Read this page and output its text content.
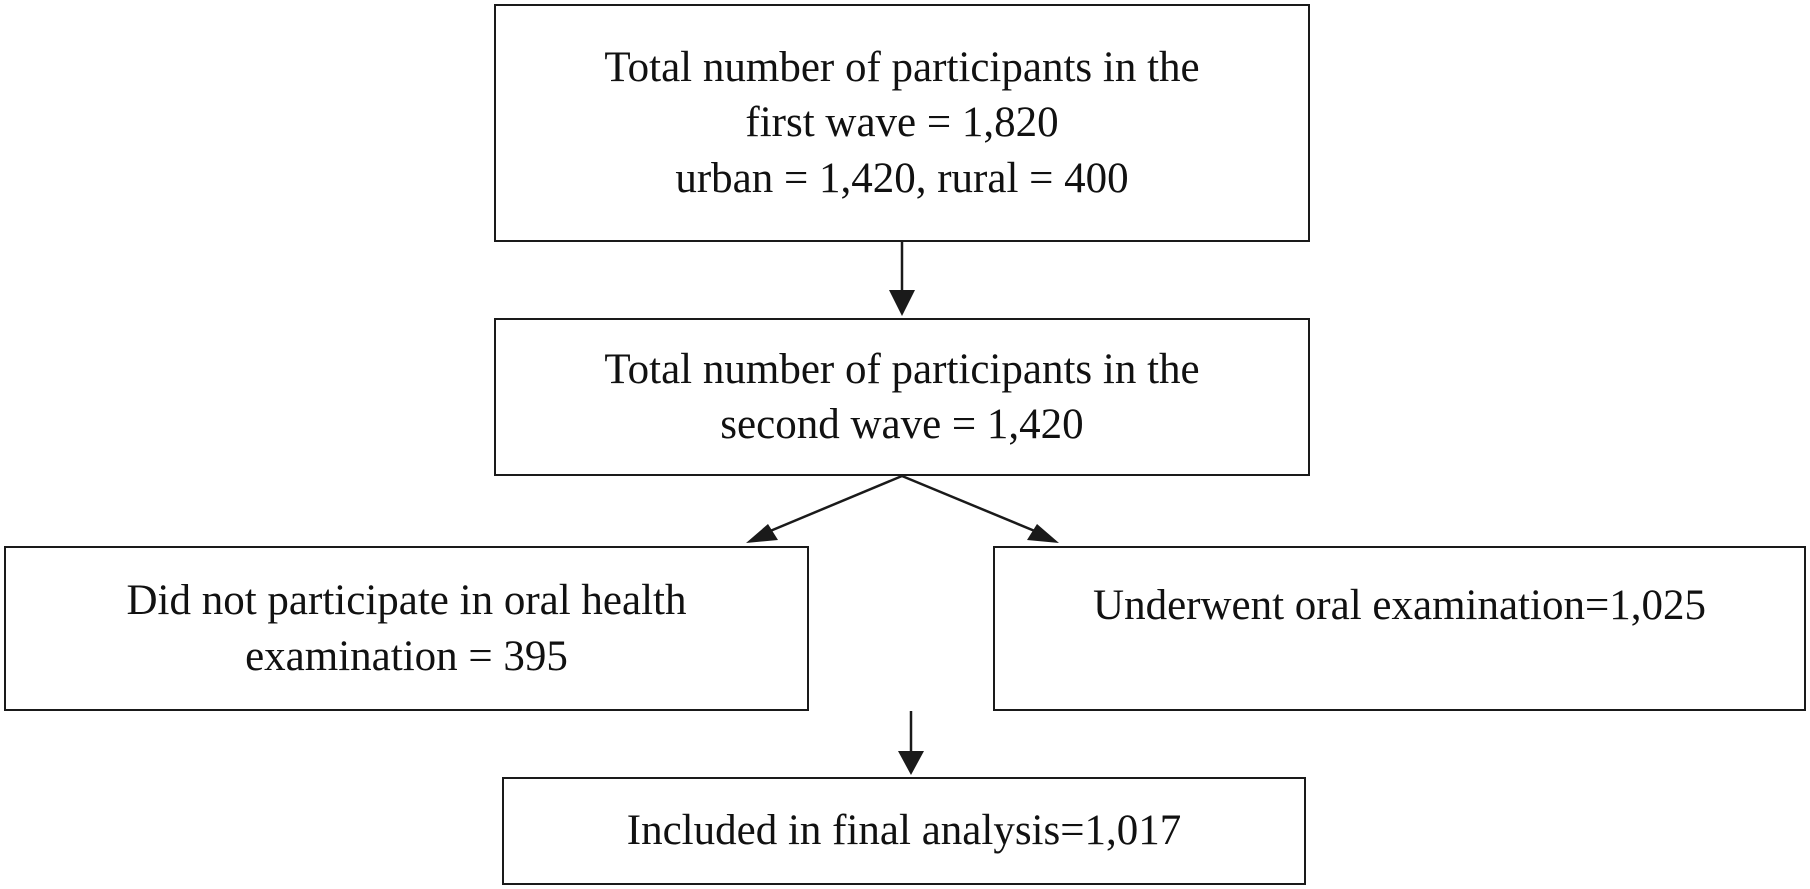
Total number of participants in the
first wave = 1,820
urban = 1,420, rural = 400
Total number of participants in the
second wave = 1,420
Did not participate in oral health
examination = 395
Underwent oral examination=1,025
Included in final analysis=1,017
